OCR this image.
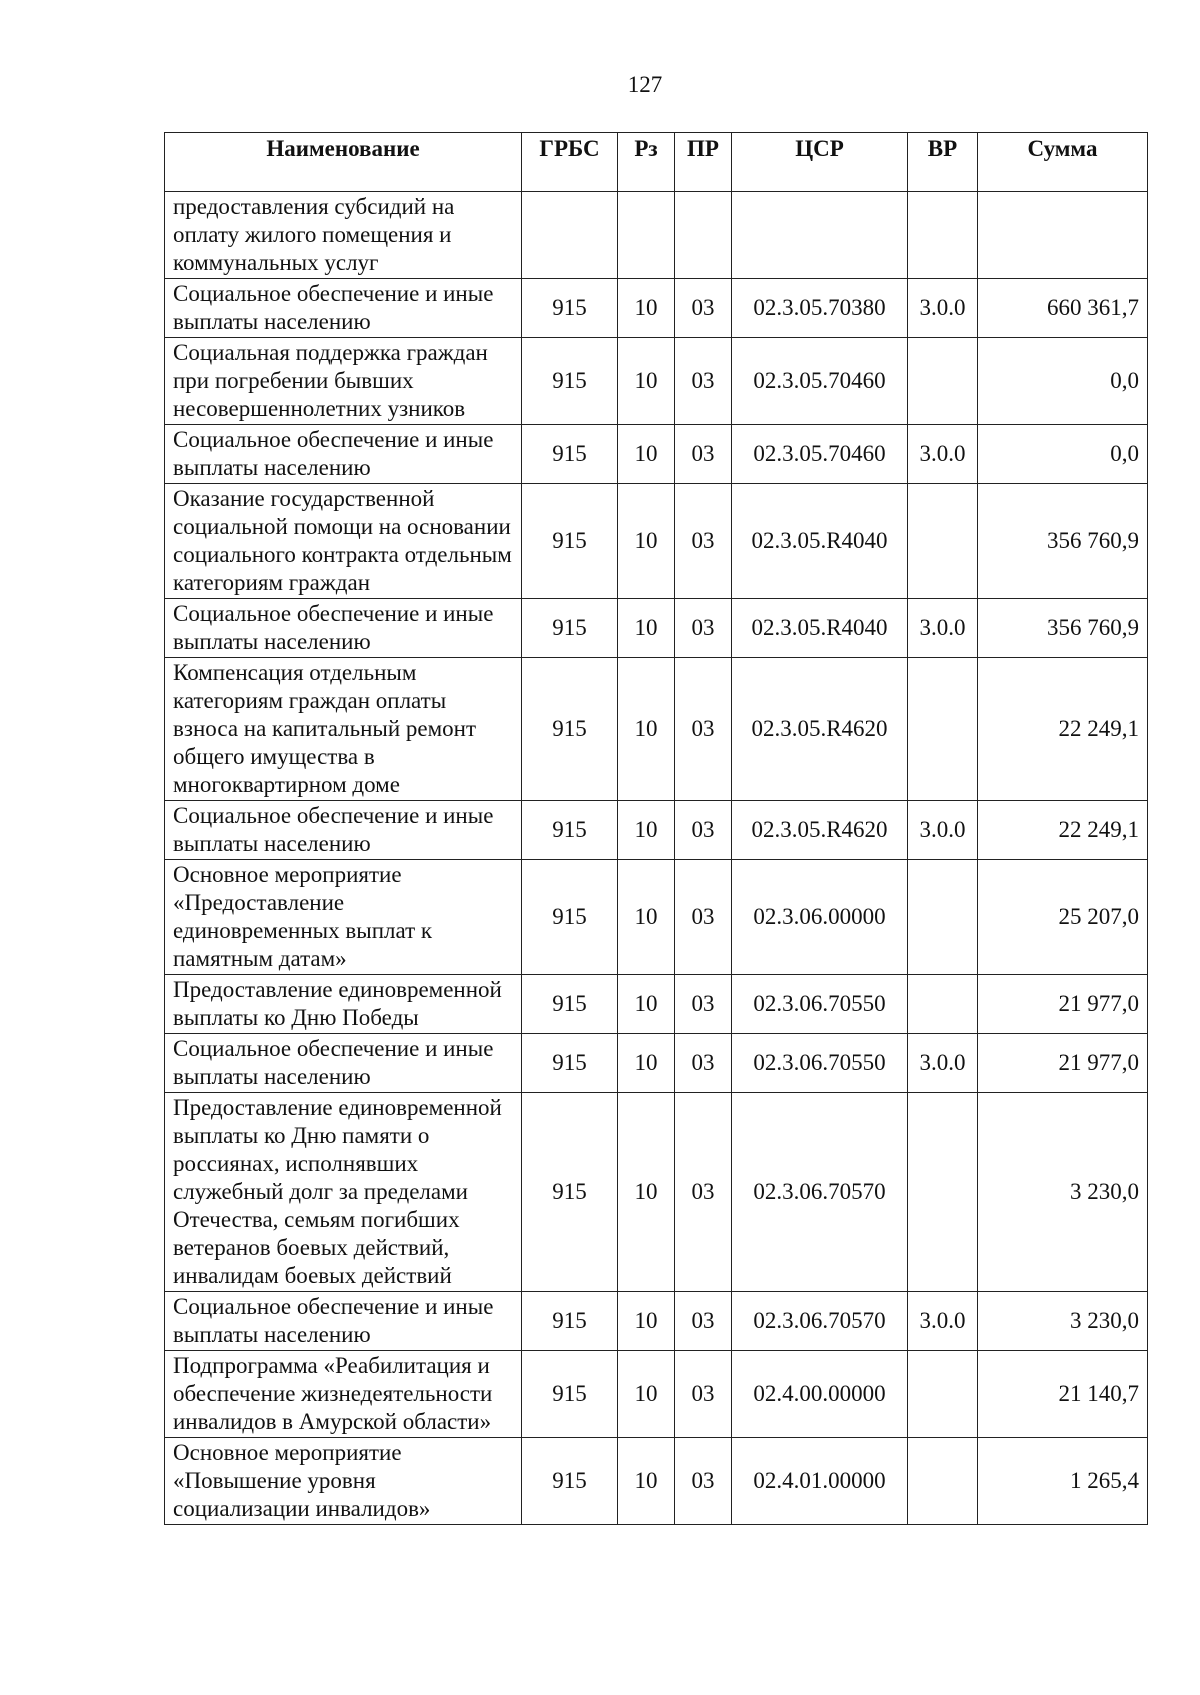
127
Наименование	ГРБС	Рз	ПР	ЦСР	ВР	Сумма
предоставления субсидий на оплату жилого помещения и коммунальных услуг						
Социальное обеспечение и иные выплаты населению	915	10	03	02.3.05.70380	3.0.0	660 361,7
Социальная поддержка граждан при погребении бывших несовершеннолетних узников	915	10	03	02.3.05.70460		0,0
Социальное обеспечение и иные выплаты населению	915	10	03	02.3.05.70460	3.0.0	0,0
Оказание государственной социальной помощи на основании социального контракта отдельным категориям граждан	915	10	03	02.3.05.R4040		356 760,9
Социальное обеспечение и иные выплаты населению	915	10	03	02.3.05.R4040	3.0.0	356 760,9
Компенсация отдельным категориям граждан оплаты взноса на капитальный ремонт общего имущества в многоквартирном доме	915	10	03	02.3.05.R4620		22 249,1
Социальное обеспечение и иные выплаты населению	915	10	03	02.3.05.R4620	3.0.0	22 249,1
Основное мероприятие «Предоставление единовременных выплат к памятным датам»	915	10	03	02.3.06.00000		25 207,0
Предоставление единовременной выплаты ко Дню Победы	915	10	03	02.3.06.70550		21 977,0
Социальное обеспечение и иные выплаты населению	915	10	03	02.3.06.70550	3.0.0	21 977,0
Предоставление единовременной выплаты ко Дню памяти о россиянах, исполнявших служебный долг за пределами Отечества, семьям погибших ветеранов боевых действий, инвалидам боевых действий	915	10	03	02.3.06.70570		3 230,0
Социальное обеспечение и иные выплаты населению	915	10	03	02.3.06.70570	3.0.0	3 230,0
Подпрограмма «Реабилитация и обеспечение жизнедеятельности инвалидов в Амурской области»	915	10	03	02.4.00.00000		21 140,7
Основное мероприятие «Повышение уровня социализации инвалидов»	915	10	03	02.4.01.00000		1 265,4
